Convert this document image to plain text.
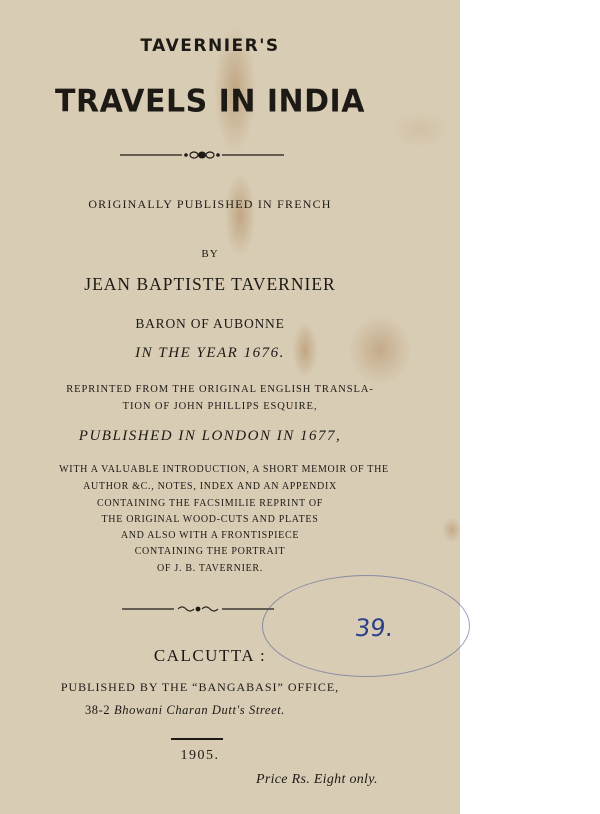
TAVERNIER'S
TRAVELS IN INDIA
ORIGINALLY PUBLISHED IN FRENCH
BY
JEAN BAPTISTE TAVERNIER
BARON OF AUBONNE
IN THE YEAR 1676.
REPRINTED FROM THE ORIGINAL ENGLISH TRANSLA-
TION OF JOHN PHILLIPS ESQUIRE,
PUBLISHED IN LONDON IN 1677,
WITH A VALUABLE INTRODUCTION, A SHORT MEMOIR OF THE
AUTHOR &C., NOTES, INDEX AND AN APPENDIX
CONTAINING THE FACSIMILIE REPRINT OF
THE ORIGINAL WOOD-CUTS AND PLATES
AND ALSO WITH A FRONTISPIECE
CONTAINING THE PORTRAIT
OF J. B. TAVERNIER.
39.
CALCUTTA :
PUBLISHED BY THE “BANGABASI” OFFICE,
38-2 Bhowani Charan Dutt's Street.
1905.
Price Rs. Eight only.
